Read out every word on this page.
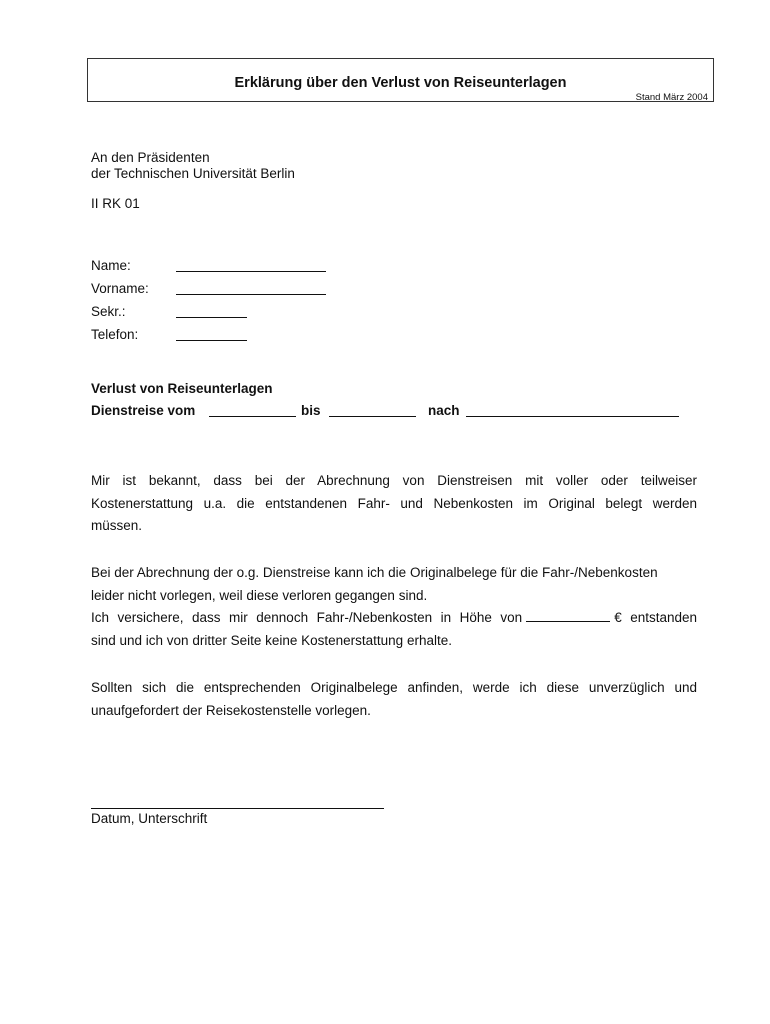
Erklärung über den Verlust von Reiseunterlagen
Stand März 2004
An den Präsidenten
der Technischen Universität Berlin
II RK 01
Name:
Vorname:
Sekr.:
Telefon:
Verlust von Reiseunterlagen
Dienstreise vom	bis	nach

Mir ist bekannt, dass bei der Abrechnung von Dienstreisen mit voller oder teilweiser

Kostenerstattung u.a. die entstandenen Fahr- und Nebenkosten im Original belegt werden

müssen.

Bei der Abrechnung der o.g. Dienstreise kann ich die Originalbelege für die Fahr-/Nebenkosten

leider nicht vorlegen, weil diese verloren gegangen sind.

Ich versichere, dass mir dennoch Fahr-/Nebenkosten in Höhe von	€ entstanden

sind und ich von dritter Seite keine Kostenerstattung erhalte.

Sollten sich die entsprechenden Originalbelege anfinden, werde ich diese unverzüglich und

unaufgefordert der Reisekostenstelle vorlegen.

Datum, Unterschrift
